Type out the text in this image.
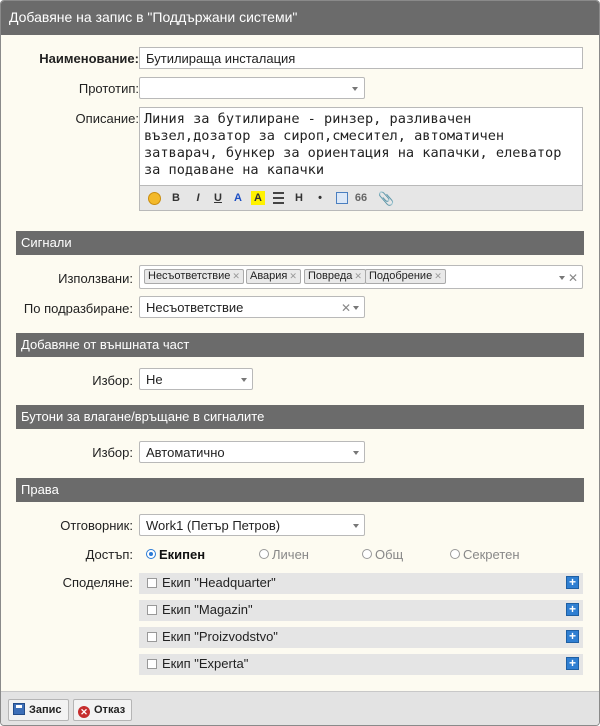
Добавяне на запис в "Поддържани системи"
Наименование: Бутилираща инсталация
Прототип:
Описание: Линия за бутилиране - ринзер, разливачен възел,дозатор за сироп,смесител, автоматичен затварач, бункер за ориентация на капачки, елеватор за подаване на капачки
B	I	U A A	H	•	66 📎
Сигнали
Използвани:	Несъответствие ✕ Авария ✕	Повреда ✕ Подобрение ✕	✕
По подразбиране: Несъответствие	✕
Добавяне от външната част
Избор: Не
Бутони за влагане/връщане в сигналите
Избор: Автоматично
Права
Отговорник: Work1 (Петър Петров)
Достъп: Екипен	Личен	Общ	Секретен
Споделяне: Екип "Headquarter"	+
Екип "Magazin"	+
Екип "Proizvodstvo"	+
Екип "Experta"	+
Запис	✕ Отказ
